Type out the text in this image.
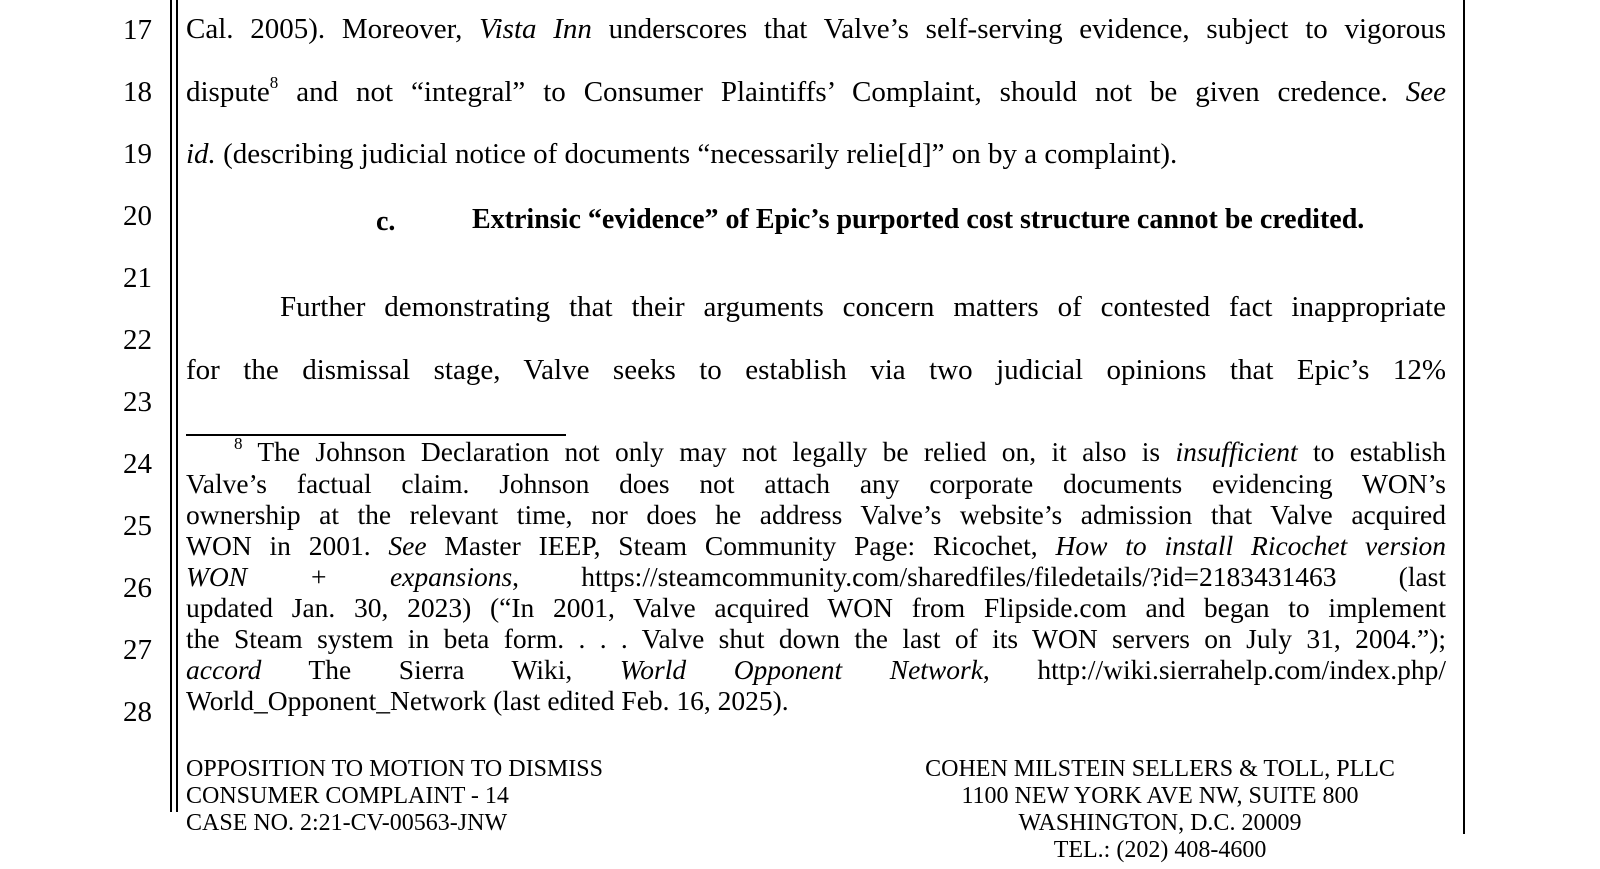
17
18
19
20
21
22
23
24
25
26
27
28
Cal. 2005). Moreover, Vista Inn underscores that Valve’s self-serving evidence, subject to vigorous
dispute$^8$ and not “integral” to Consumer Plaintiffs’ Complaint, should not be given credence. See
id. (describing judicial notice of documents “necessarily relie[d]” on by a complaint).
c.	Extrinsic “evidence” of Epic’s purported cost structure cannot be credited.
Further demonstrating that their arguments concern matters of contested fact inappropriate
for the dismissal stage, Valve seeks to establish via two judicial opinions that Epic’s 12%
$^8$ The Johnson Declaration not only may not legally be relied on, it also is insufficient to establish
Valve’s factual claim. Johnson does not attach any corporate documents evidencing WON’s
ownership at the relevant time, nor does he address Valve’s website’s admission that Valve acquired
WON in 2001. See Master IEEP, Steam Community Page: Ricochet, How to install Ricochet version
WON + expansions, https://steamcommunity.com/sharedfiles/filedetails/?id=2183431463 (last
updated Jan. 30, 2023) (“In 2001, Valve acquired WON from Flipside.com and began to implement
the Steam system in beta form. . . . Valve shut down the last of its WON servers on July 31, 2004.”);
accord The Sierra Wiki, World Opponent Network, http://wiki.sierrahelp.com/index.php/
World_Opponent_Network (last edited Feb. 16, 2025).
OPPOSITION TO MOTION TO DISMISS
CONSUMER COMPLAINT - 14
CASE NO. 2:21-CV-00563-JNW
COHEN MILSTEIN SELLERS & TOLL, PLLC
1100 NEW YORK AVE NW, SUITE 800
WASHINGTON, D.C. 20009
TEL.: (202) 408-4600
